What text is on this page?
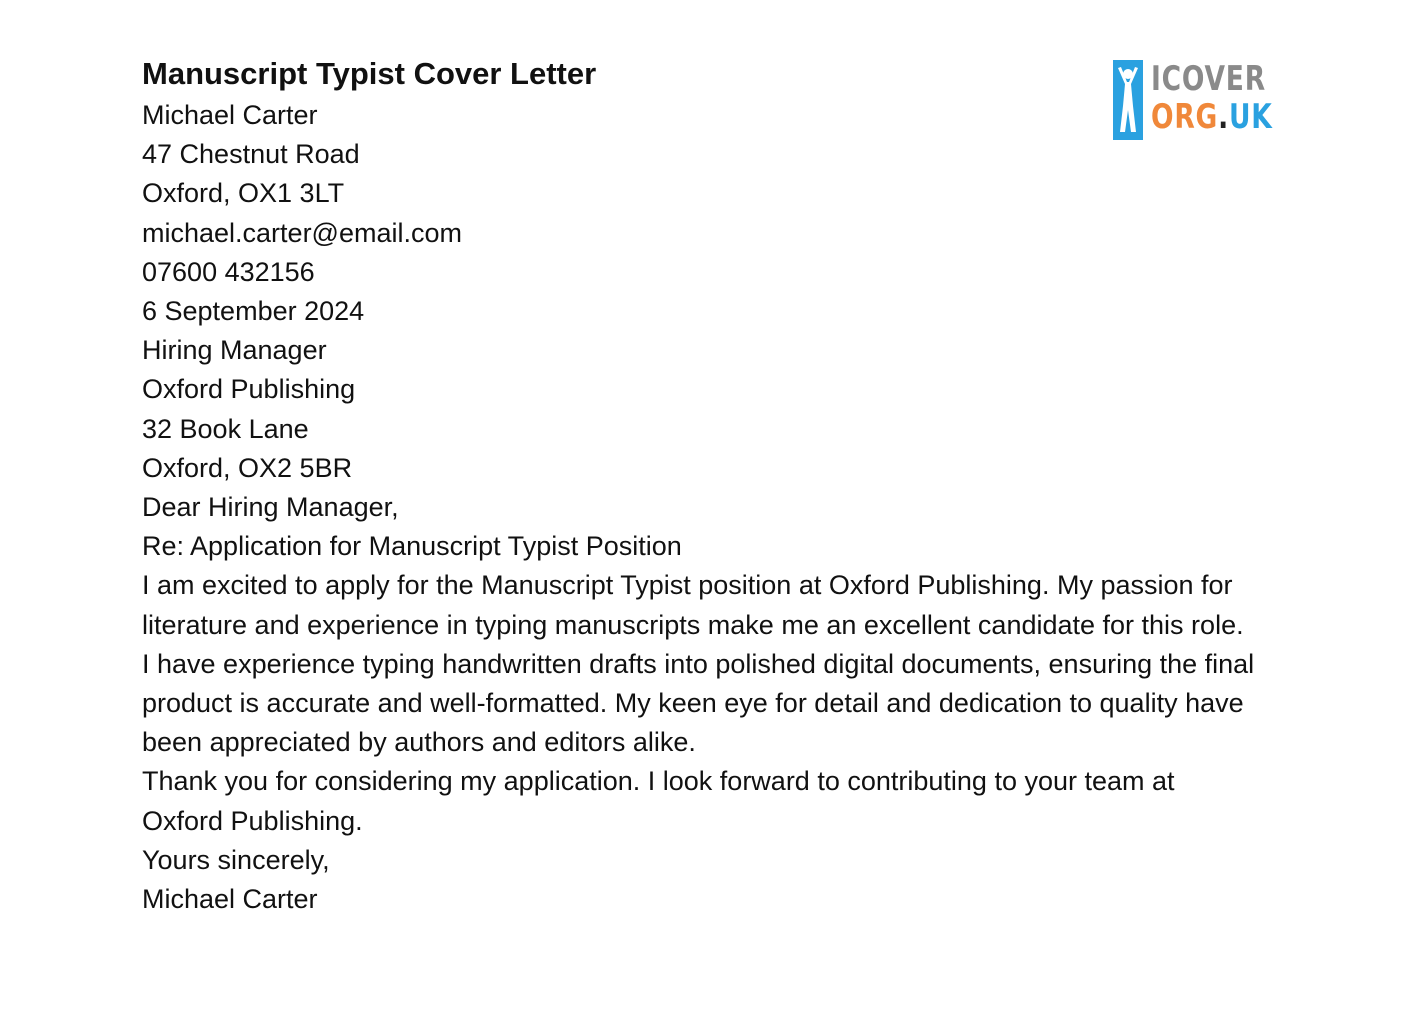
ICOVER
ORG.UK
Manuscript Typist Cover Letter
Michael Carter
47 Chestnut Road
Oxford, OX1 3LT
michael.carter@email.com
07600 432156
6 September 2024
Hiring Manager
Oxford Publishing
32 Book Lane
Oxford, OX2 5BR
Dear Hiring Manager,
Re: Application for Manuscript Typist Position
I am excited to apply for the Manuscript Typist position at Oxford Publishing. My passion for literature and experience in typing manuscripts make me an excellent candidate for this role.
I have experience typing handwritten drafts into polished digital documents, ensuring the final product is accurate and well-formatted. My keen eye for detail and dedication to quality have been appreciated by authors and editors alike.
Thank you for considering my application. I look forward to contributing to your team at Oxford Publishing.
Yours sincerely,
Michael Carter
